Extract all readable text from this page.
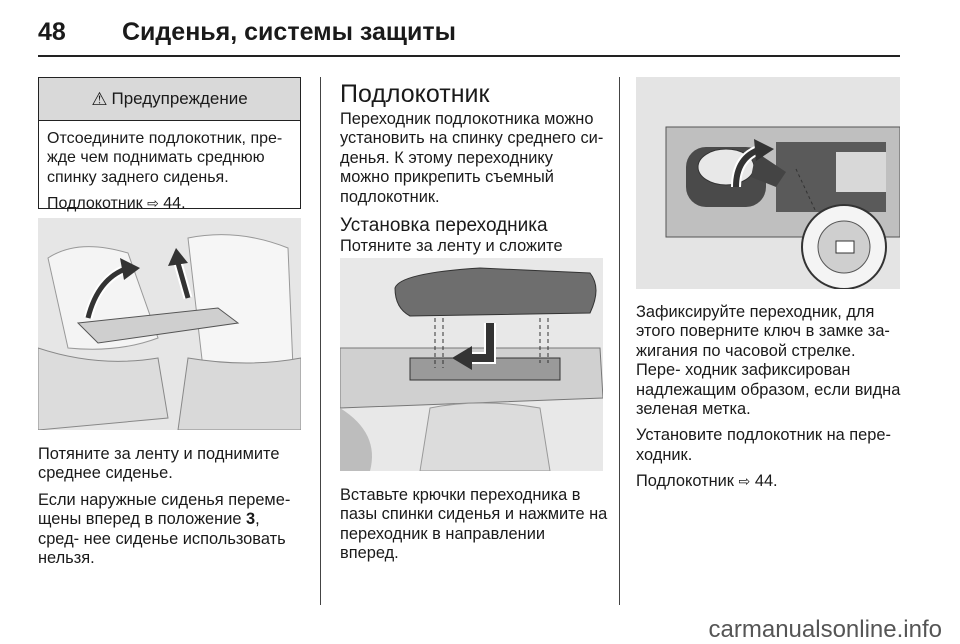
48 Сиденья, системы защиты
⚠ Предупреждение

Отсоедините подлокотник, пре- жде чем поднимать среднюю спинку заднего сиденья.

Подлокотник ⇨ 44.

Потяните за ленту и поднимите среднее сиденье.

Если наружные сиденья переме- щены вперед в положение 3, сред- нее сиденье использовать нельзя.

Подлокотник

Переходник подлокотника можно установить на спинку среднего си- денья. К этому переходнику можно прикрепить съемный подлокотник.

Установка переходника

Потяните за ленту и сложите

Вставьте крючки переходника в пазы спинки сиденья и нажмите на переходник в направлении вперед.

Зафиксируйте переходник, для этого поверните ключ в замке за- жигания по часовой стрелке. Пере- ходник зафиксирован надлежащим образом, если видна зеленая метка.

Установите подлокотник на пере- ходник.

Подлокотник ⇨ 44.

carmanualsonline.info
